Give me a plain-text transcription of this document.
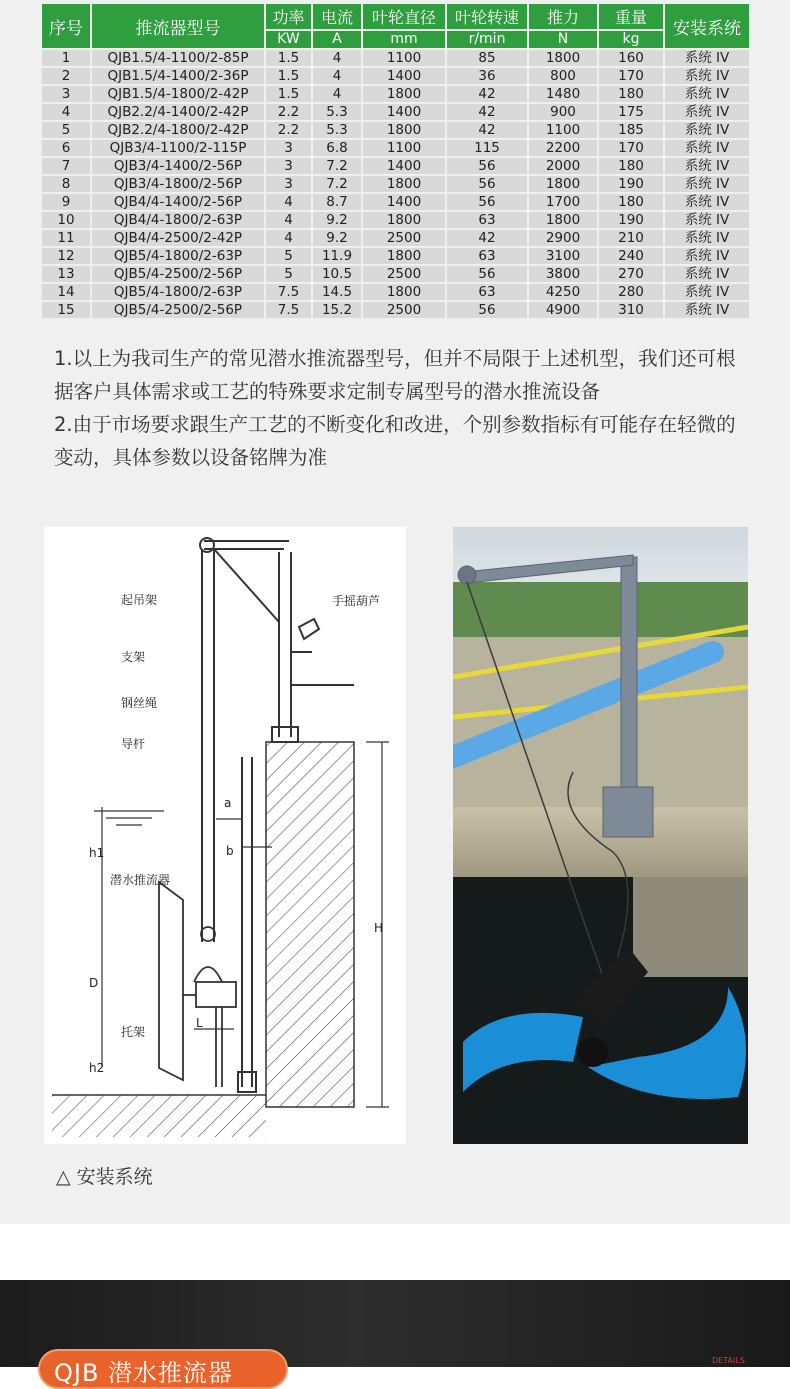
序号	推流器型号	功率	电流	叶轮直径	叶轮转速	推力	重量	安装系统
		KW	A	mm	r/min	N	kg	
1	QJB1.5/4-1100/2-85P	1.5	4	1100	85	1800	160	系统 IV
2	QJB1.5/4-1400/2-36P	1.5	4	1400	36	800	170	系统 IV
3	QJB1.5/4-1800/2-42P	1.5	4	1800	42	1480	180	系统 IV
4	QJB2.2/4-1400/2-42P	2.2	5.3	1400	42	900	175	系统 IV
5	QJB2.2/4-1800/2-42P	2.2	5.3	1800	42	1100	185	系统 IV
6	QJB3/4-1100/2-115P	3	6.8	1100	115	2200	170	系统 IV
7	QJB3/4-1400/2-56P	3	7.2	1400	56	2000	180	系统 IV
8	QJB3/4-1800/2-56P	3	7.2	1800	56	1800	190	系统 IV
9	QJB4/4-1400/2-56P	4	8.7	1400	56	1700	180	系统 IV
10	QJB4/4-1800/2-63P	4	9.2	1800	63	1800	190	系统 IV
11	QJB4/4-2500/2-42P	4	9.2	2500	42	2900	210	系统 IV
12	QJB5/4-1800/2-63P	5	11.9	1800	63	3100	240	系统 IV
13	QJB5/4-2500/2-56P	5	10.5	2500	56	3800	270	系统 IV
14	QJB5/4-1800/2-63P	7.5	14.5	1800	63	4250	280	系统 IV
15	QJB5/4-2500/2-56P	7.5	15.2	2500	56	4900	310	系统 IV

1.以上为我司生产的常见潜水推流器型号，但并不局限于上述机型，我们还可根据客户具体需求或工艺的特殊要求定制专属型号的潜水推流设备

2.由于市场要求跟生产工艺的不断变化和改进，个别参数指标有可能存在轻微的变动，具体参数以设备铭牌为准

起吊架	手摇葫芦
支架
钢丝绳
导杆
潜水推流器
托架
a
b
h1
D
h2
L
H
△ 安装系统
QJB 潜水推流器	DETAILS
